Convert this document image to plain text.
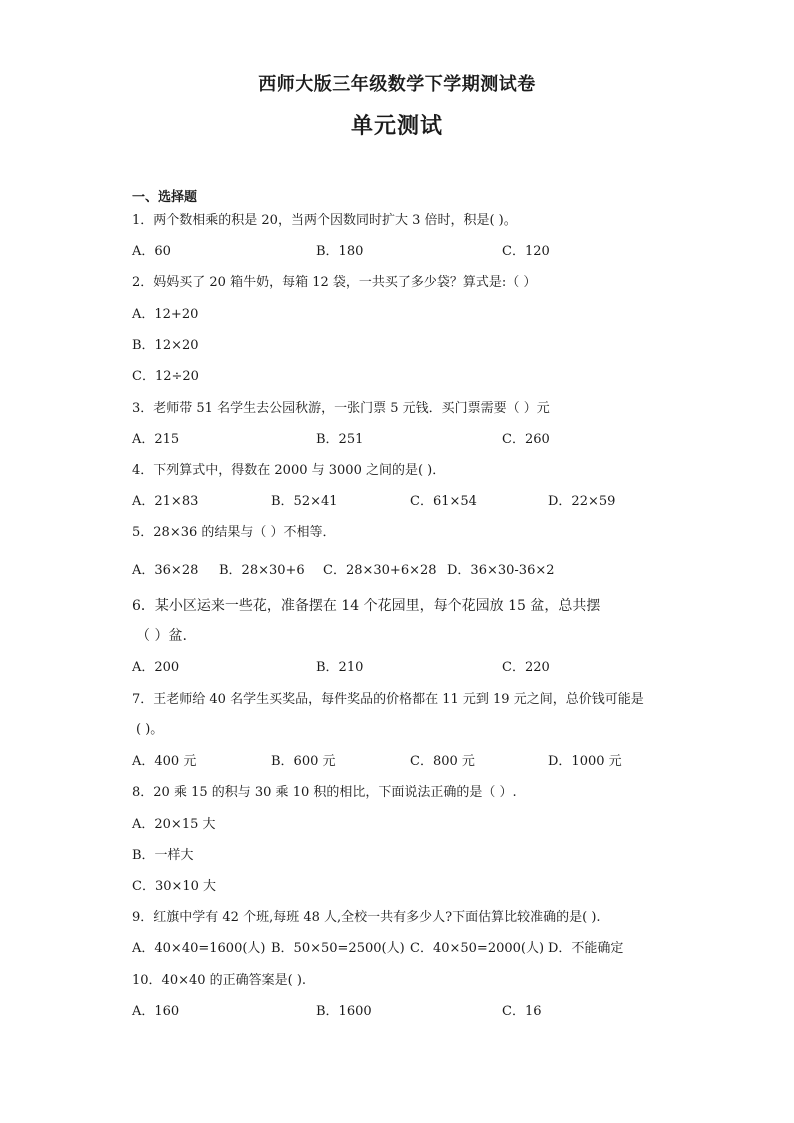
西师大版三年级数学下学期测试卷
单元测试
一、选择题
1．两个数相乘的积是 20，当两个因数同时扩大 3 倍时，积是( )。
A．60	B．180	C．120
2．妈妈买了 20 箱牛奶，每箱 12 袋，一共买了多少袋？算式是:（ ）
A．12+20
B．12×20
C．12÷20
3．老师带 51 名学生去公园秋游，一张门票 5 元钱．买门票需要（ ）元
A．215	B．251	C．260
4．下列算式中，得数在 2000 与 3000 之间的是( )．
A．21×83	B．52×41	C．61×54	D．22×59
5．28×36 的结果与（ ）不相等．
A．36×28 B．28×30+6 C．28×30+6×28 D．36×30-36×2
6．某小区运来一些花，准备摆在 14 个花园里，每个花园放 15 盆，总共摆
（ ）盆.
A．200	B．210	C．220
7．王老师给 40 名学生买奖品，每件奖品的价格都在 11 元到 19 元之间，总价钱可能是
( )。
A．400 元	B．600 元	C．800 元	D．1000 元
8．20 乘 15 的积与 30 乘 10 积的相比，下面说法正确的是（ ）.
A．20×15 大
B．一样大
C．30×10 大
9．红旗中学有 42 个班,每班 48 人,全校一共有多少人?下面估算比较准确的是( ).
A．40×40=1600(人) B．50×50=2500(人) C．40×50=2000(人) D．不能确定
10．40×40 的正确答案是( ).
A．160	B．1600	C．16
